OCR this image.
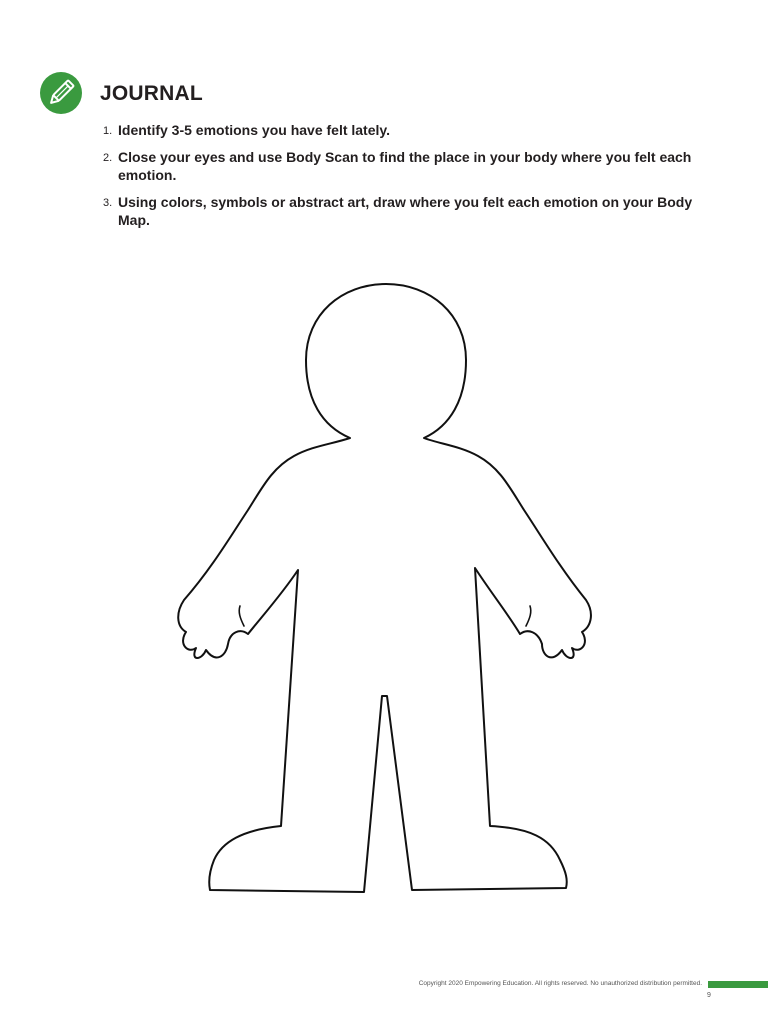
JOURNAL
1. Identify 3-5 emotions you have felt lately.
2. Close your eyes and use Body Scan to find the place in your body where you felt each emotion.
3. Using colors, symbols or abstract art, draw where you felt each emotion on your Body Map.
Copyright 2020 Empowering Education. All rights reserved. No unauthorized distribution permitted.
9
